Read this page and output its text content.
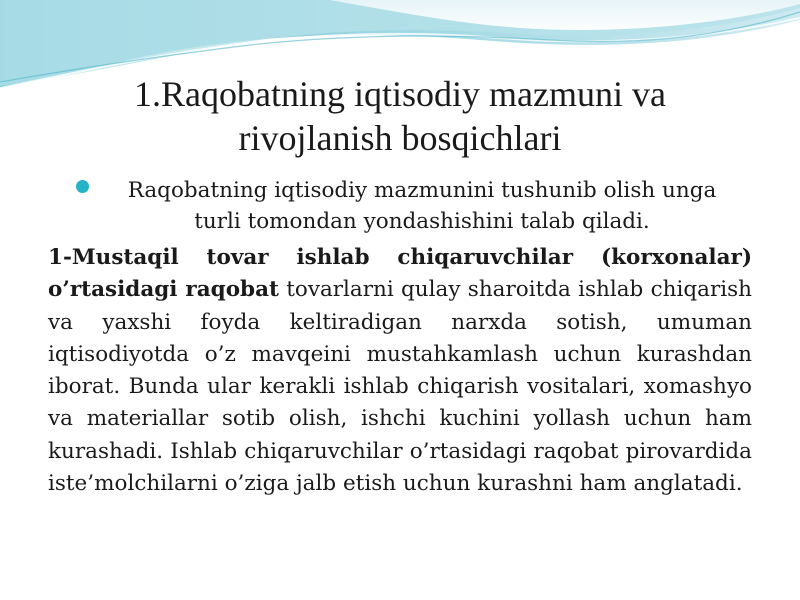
1.Raqobatning iqtisodiy mazmuni va rivojlanish bosqichlari
Raqobatning iqtisodiy mazmunini tushunib olish unga turli tomondan yondashishini talab qiladi.

1-Mustaqil tovar ishlab chiqaruvchilar (korxonalar) o’rtasidagi raqobat tovarlarni qulay sharoitda ishlab chiqarish va yaxshi foyda keltiradigan narxda sotish, umuman iqtisodiyotda o’z mavqeini mustahkamlash uchun kurashdan iborat. Bunda ular kerakli ishlab chiqarish vositalari, xomashyo va materiallar sotib olish, ishchi kuchini yollash uchun ham kurashadi. Ishlab chiqaruvchilar o’rtasidagi raqobat pirovardida iste’molchilarni o’ziga jalb etish uchun kurashni ham anglatadi.
